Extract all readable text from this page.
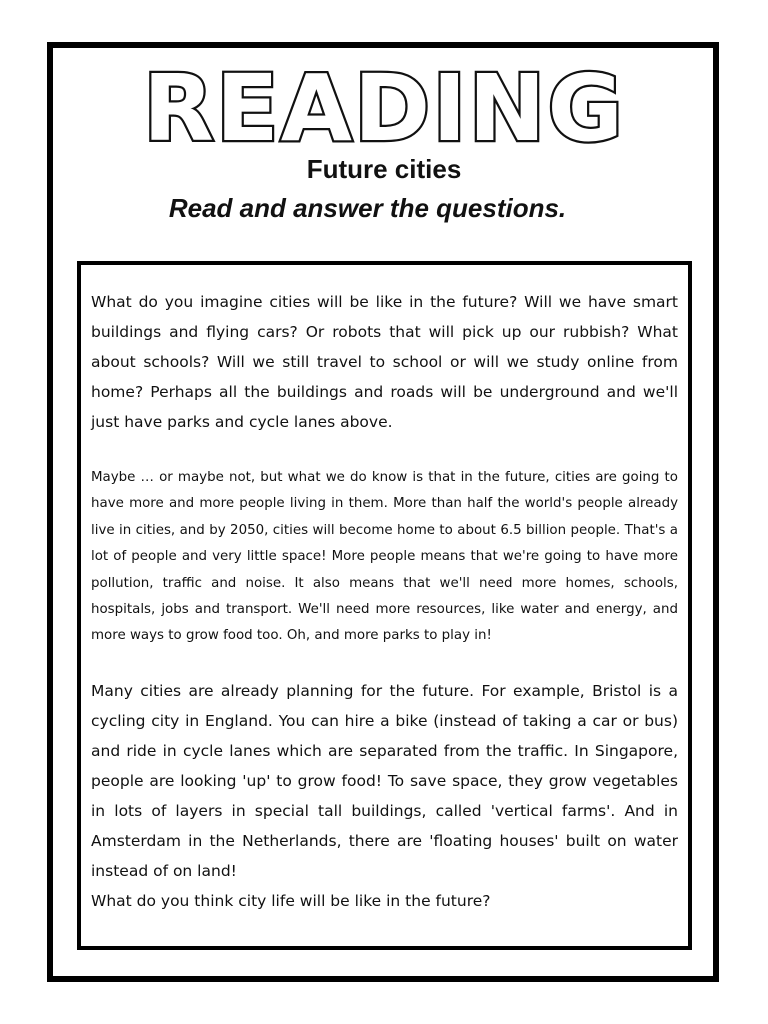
READING
Future cities
Read and answer the questions.

What do you imagine cities will be like in the future? Will we have smart buildings and flying cars? Or robots that will pick up our rubbish? What about schools? Will we still travel to school or will we study online from home? Perhaps all the buildings and roads will be underground and we'll just have parks and cycle lanes above.

Maybe … or maybe not, but what we do know is that in the future, cities are going to have more and more people living in them. More than half the world's people already live in cities, and by 2050, cities will become home to about 6.5 billion people. That's a lot of people and very little space! More people means that we're going to have more pollution, traffic and noise. It also means that we'll need more homes, schools, hospitals, jobs and transport. We'll need more resources, like water and energy, and more ways to grow food too. Oh, and more parks to play in!

Many cities are already planning for the future. For example, Bristol is a cycling city in England. You can hire a bike (instead of taking a car or bus) and ride in cycle lanes which are separated from the traffic. In Singapore, people are looking 'up' to grow food! To save space, they grow vegetables in lots of layers in special tall buildings, called 'vertical farms'. And in Amsterdam in the Netherlands, there are 'floating houses' built on water instead of on land!

What do you think city life will be like in the future?
